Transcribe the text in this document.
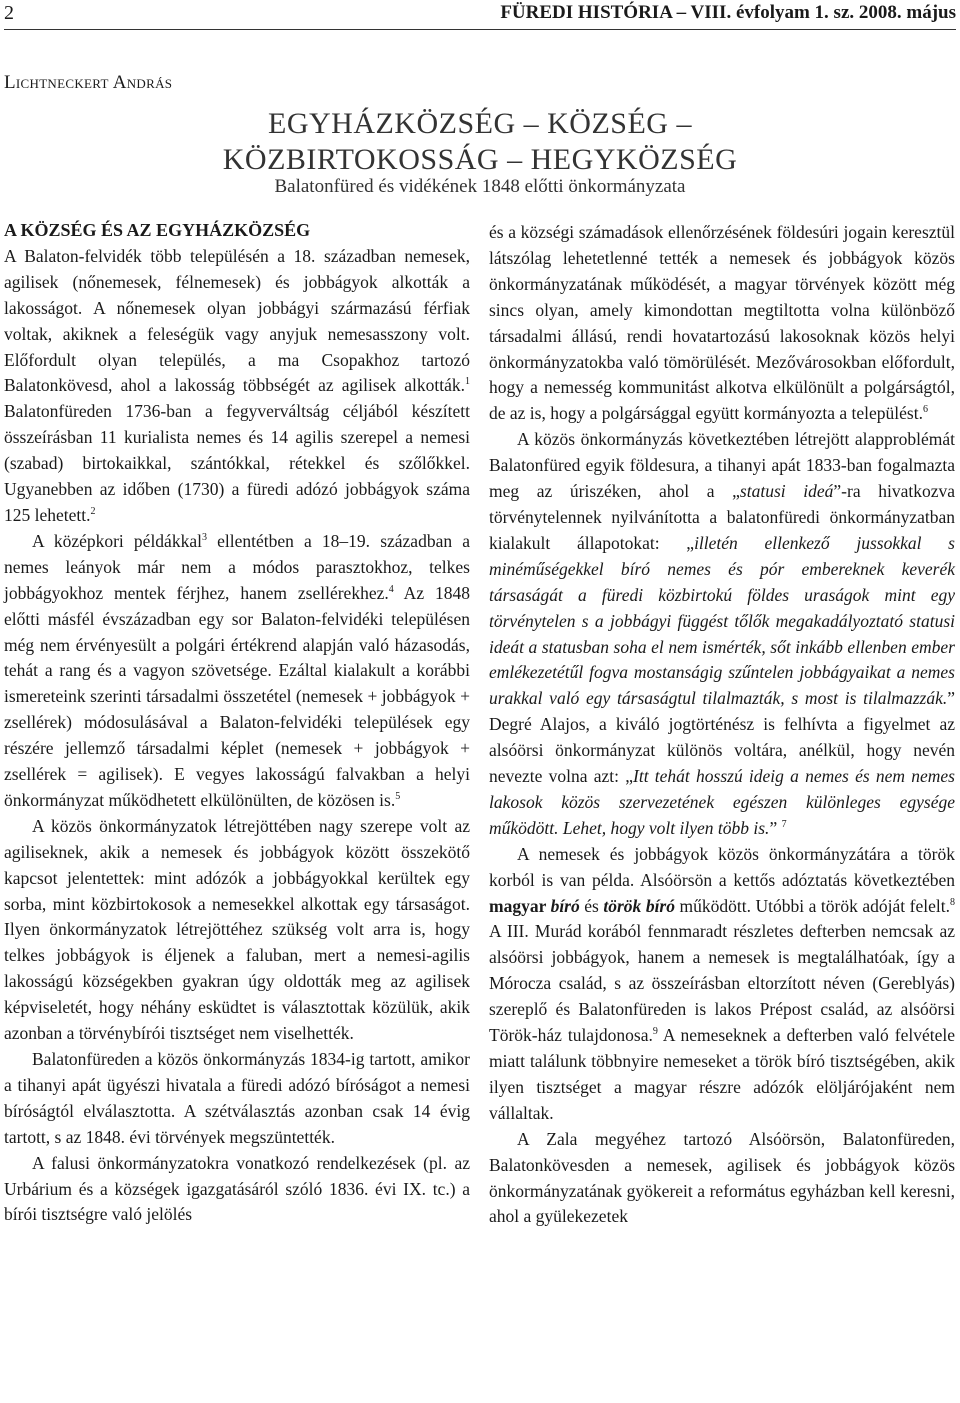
2	FÜREDI HISTÓRIA – VIII. évfolyam 1. sz. 2008. május
Lichtneckert András
EGYHÁZKÖZSÉG – KÖZSÉG –
KÖZBIRTOKOSSÁG – HEGYKÖZSÉG

Balatonfüred és vidékének 1848 előtti önkormányzata

A KÖZSÉG ÉS AZ EGYHÁZKÖZSÉG

A Balaton-felvidék több településén a 18. században nemesek, agilisek (nőnemesek, félnemesek) és jobbágyok alkották a lakosságot. A nőnemesek olyan jobbágyi származású férfiak voltak, akiknek a feleségük vagy anyjuk nemesasszony volt. Előfordult olyan település, a ma Csopakhoz tartozó Balatonkövesd, ahol a lakosság többségét az agilisek alkották.$^1$ Balatonfüreden 1736-ban a fegyverváltság céljából készített összeírásban 11 kurialista nemes és 14 agilis szerepel a nemesi (szabad) birtokaikkal, szántókkal, rétekkel és szőlőkkel. Ugyanebben az időben (1730) a füredi adózó jobbágyok száma 125 lehetett.$^2$

A középkori példákkal$^3$ ellentétben a 18–19. században a nemes leányok már nem a módos parasztokhoz, telkes jobbágyokhoz mentek férjhez, hanem zsellérekhez.$^4$ Az 1848 előtti másfél évszázadban egy sor Balaton-felvidéki településen még nem érvényesült a polgári értékrend alapján való házasodás, tehát a rang és a vagyon szövetsége. Ezáltal kialakult a korábbi ismereteink szerinti társadalmi összetétel (nemesek + jobbágyok + zsellérek) módosulásával a Balaton-felvidéki települések egy részére jellemző társadalmi képlet (nemesek + jobbágyok + zsellérek = agilisek). E vegyes lakosságú falvakban a helyi önkormányzat működhetett elkülönülten, de közösen is.$^5$

A közös önkormányzatok létrejöttében nagy szerepe volt az agiliseknek, akik a nemesek és jobbágyok között összekötő kapcsot jelentettek: mint adózók a jobbágyokkal kerültek egy sorba, mint közbirtokosok a nemesekkel alkottak egy társaságot. Ilyen önkormányzatok létrejöttéhez szükség volt arra is, hogy telkes jobbágyok is éljenek a faluban, mert a nemesi-agilis lakosságú községekben gyakran úgy oldották meg az agilisek képviseletét, hogy néhány esküdtet is választottak közülük, akik azonban a törvénybírói tisztséget nem viselhették.

Balatonfüreden a közös önkormányzás 1834-ig tartott, amikor a tihanyi apát ügyészi hivatala a füredi adózó bíróságot a nemesi bíróságtól elválasztotta. A szétválasztás azonban csak 14 évig tartott, s az 1848. évi törvények megszüntették.

A falusi önkormányzatokra vonatkozó rendelkezések (pl. az Urbárium és a községek igazgatásáról szóló 1836. évi IX. tc.) a bírói tisztségre való jelölés

és a községi számadások ellenőrzésének földesúri jogain keresztül látszólag lehetetlenné tették a nemesek és jobbágyok közös önkormányzatának működését, a magyar törvények között még sincs olyan, amely kimondottan megtiltotta volna különböző társadalmi állású, rendi hovatartozású lakosoknak közös helyi önkormányzatokba való tömörülését. Mezővárosokban előfordult, hogy a nemesség kommunitást alkotva elkülönült a polgárságtól, de az is, hogy a polgársággal együtt kormányozta a települést.$^6$

A közös önkormányzás következtében létrejött alapproblémát Balatonfüred egyik földesura, a tihanyi apát 1833-ban fogalmazta meg az úriszéken, ahol a „statusi ideá”-ra hivatkozva törvénytelennek nyilvánította a balatonfüredi önkormányzatban kialakult állapotokat: „illetén ellenkező jussokkal s minéműségekkel bíró nemes és pór embereknek keverék társaságát a füredi közbirtokú földes uraságok mint egy törvénytelen s a jobbágyi függést tőlők megakadályoztató statusi ideát a statusban soha el nem ismérték, sőt inkább ellenben ember emlékezetétűl fogva mostanságig szűntelen jobbágyaikat a nemes urakkal való egy társaságtul tilalmazták, s most is tilalmazzák.” Degré Alajos, a kiváló jogtörténész is felhívta a figyelmet az alsóörsi önkormányzat különös voltára, anélkül, hogy nevén nevezte volna azt: „Itt tehát hosszú ideig a nemes és nem nemes lakosok közös szervezetének egészen különleges egysége működött. Lehet, hogy volt ilyen több is.” $^7$

A nemesek és jobbágyok közös önkormányzátára a török korból is van példa. Alsóörsön a kettős adóztatás következtében magyar bíró és török bíró működött. Utóbbi a török adóját felelt.$^8$ A III. Murád korából fennmaradt részletes defterben nemcsak az alsóörsi jobbágyok, hanem a nemesek is megtalálhatóak, így a Mórocza család, s az összeírásban eltorzított néven (Gereblyás) szereplő és Balatonfüreden is lakos Prépost család, az alsóörsi Török-ház tulajdonosa.$^9$ A nemeseknek a defterben való felvétele miatt találunk többnyire nemeseket a török bíró tisztségében, akik ilyen tisztséget a magyar részre adózók elöljárójaként nem vállaltak.

A Zala megyéhez tartozó Alsóörsön, Balatonfüreden, Balatonkövesden a nemesek, agilisek és jobbágyok közös önkormányzatának gyökereit a református egyházban kell keresni, ahol a gyülekezetek
